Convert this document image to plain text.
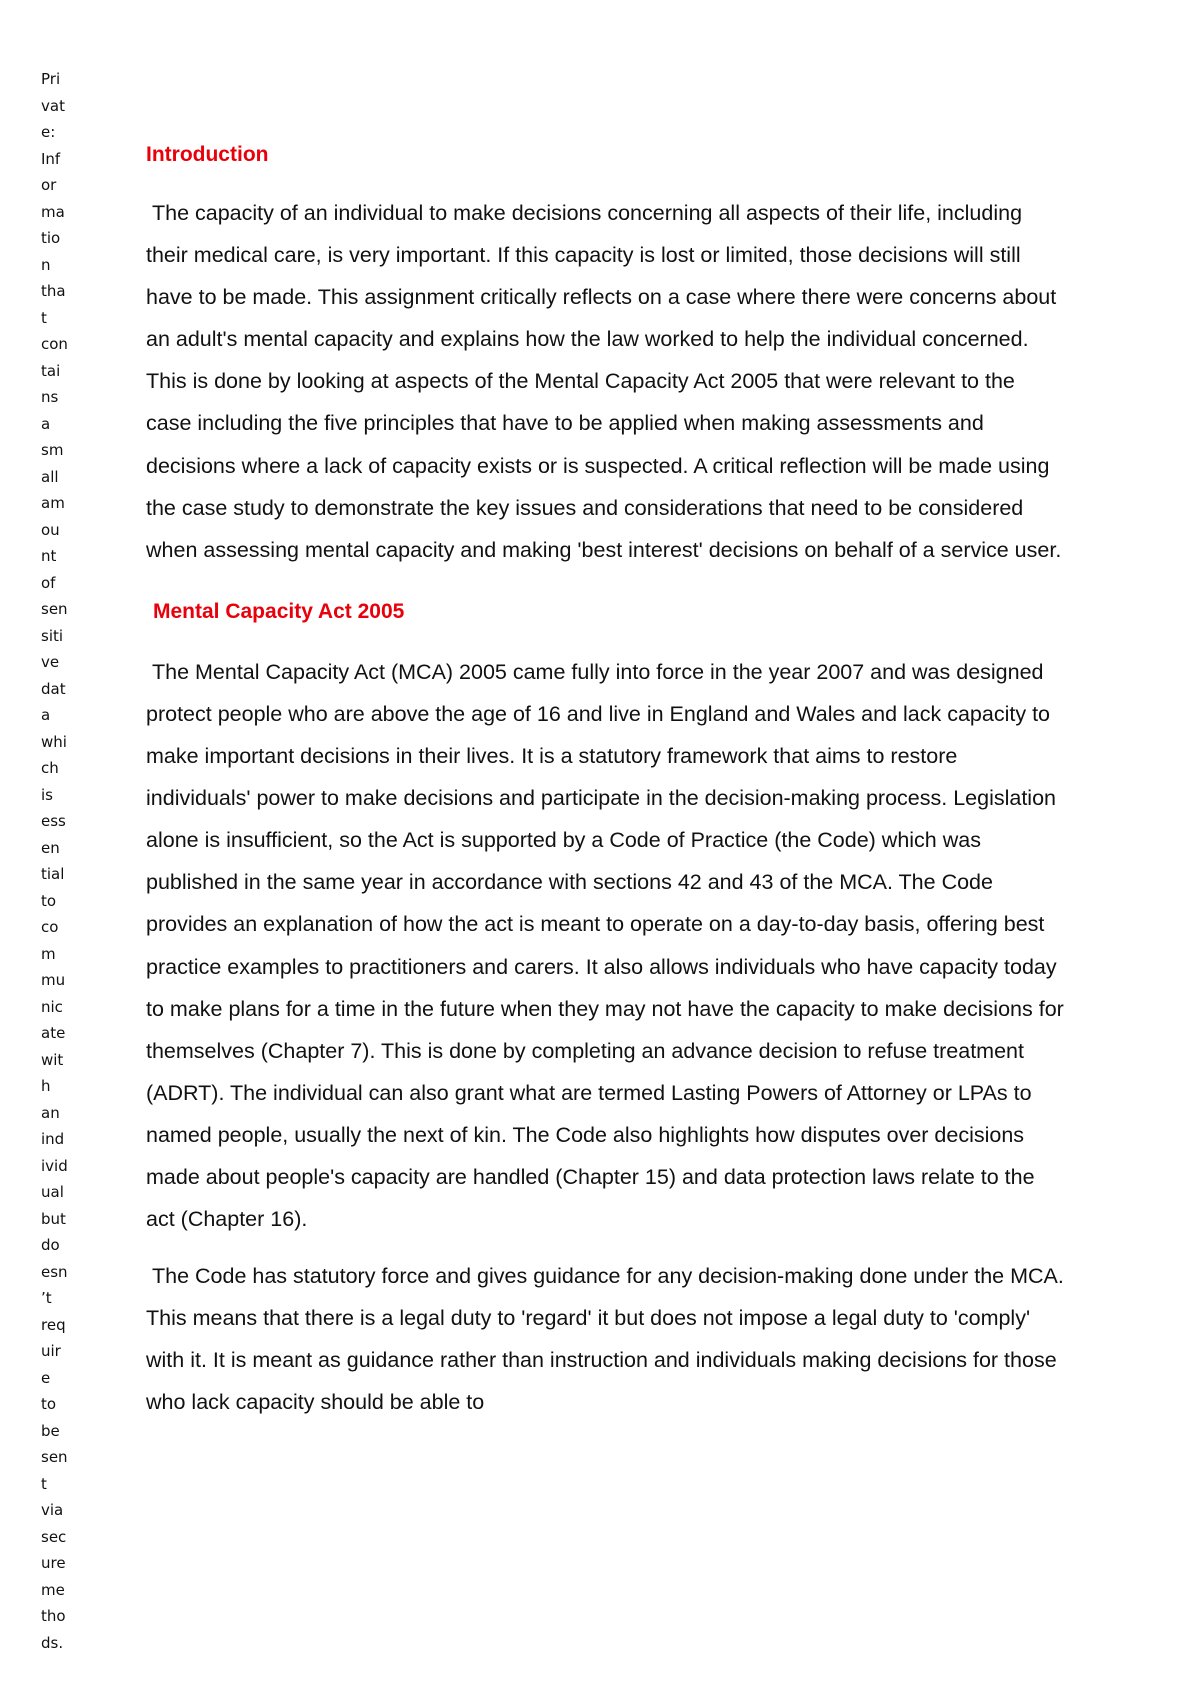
Pri
vat
e:
Inf
or
ma
tio
n
tha
t
con
tai
ns
a
sm
all
am
ou
nt
of
sen
siti
ve
dat
a
whi
ch
is
ess
en
tial
to
co
m
mu
nic
ate
wit
h
an
ind
ivid
ual
but
do
esn
’t
req
uir
e
to
be
sen
t
via
sec
ure
me
tho
ds.
Introduction

The capacity of an individual to make decisions concerning all aspects of their life, including their medical care, is very important. If this capacity is lost or limited, those decisions will still have to be made. This assignment critically reflects on a case where there were concerns about an adult's mental capacity and explains how the law worked to help the individual concerned. This is done by looking at aspects of the Mental Capacity Act 2005 that were relevant to the case including the five principles that have to be applied when making assessments and decisions where a lack of capacity exists or is suspected. A critical reflection will be made using the case study to demonstrate the key issues and considerations that need to be considered when assessing mental capacity and making 'best interest' decisions on behalf of a service user.

Mental Capacity Act 2005

The Mental Capacity Act (MCA) 2005 came fully into force in the year 2007 and was designed protect people who are above the age of 16 and live in England and Wales and lack capacity to make important decisions in their lives. It is a statutory framework that aims to restore individuals' power to make decisions and participate in the decision-making process. Legislation alone is insufficient, so the Act is supported by a Code of Practice (the Code) which was published in the same year in accordance with sections 42 and 43 of the MCA. The Code provides an explanation of how the act is meant to operate on a day-to-day basis, offering best practice examples to practitioners and carers. It also allows individuals who have capacity today to make plans for a time in the future when they may not have the capacity to make decisions for themselves (Chapter 7). This is done by completing an advance decision to refuse treatment (ADRT). The individual can also grant what are termed Lasting Powers of Attorney or LPAs to named people, usually the next of kin. The Code also highlights how disputes over decisions made about people's capacity are handled (Chapter 15) and data protection laws relate to the act (Chapter 16).

The Code has statutory force and gives guidance for any decision-making done under the MCA. This means that there is a legal duty to 'regard' it but does not impose a legal duty to 'comply' with it. It is meant as guidance rather than instruction and individuals making decisions for those who lack capacity should be able to
